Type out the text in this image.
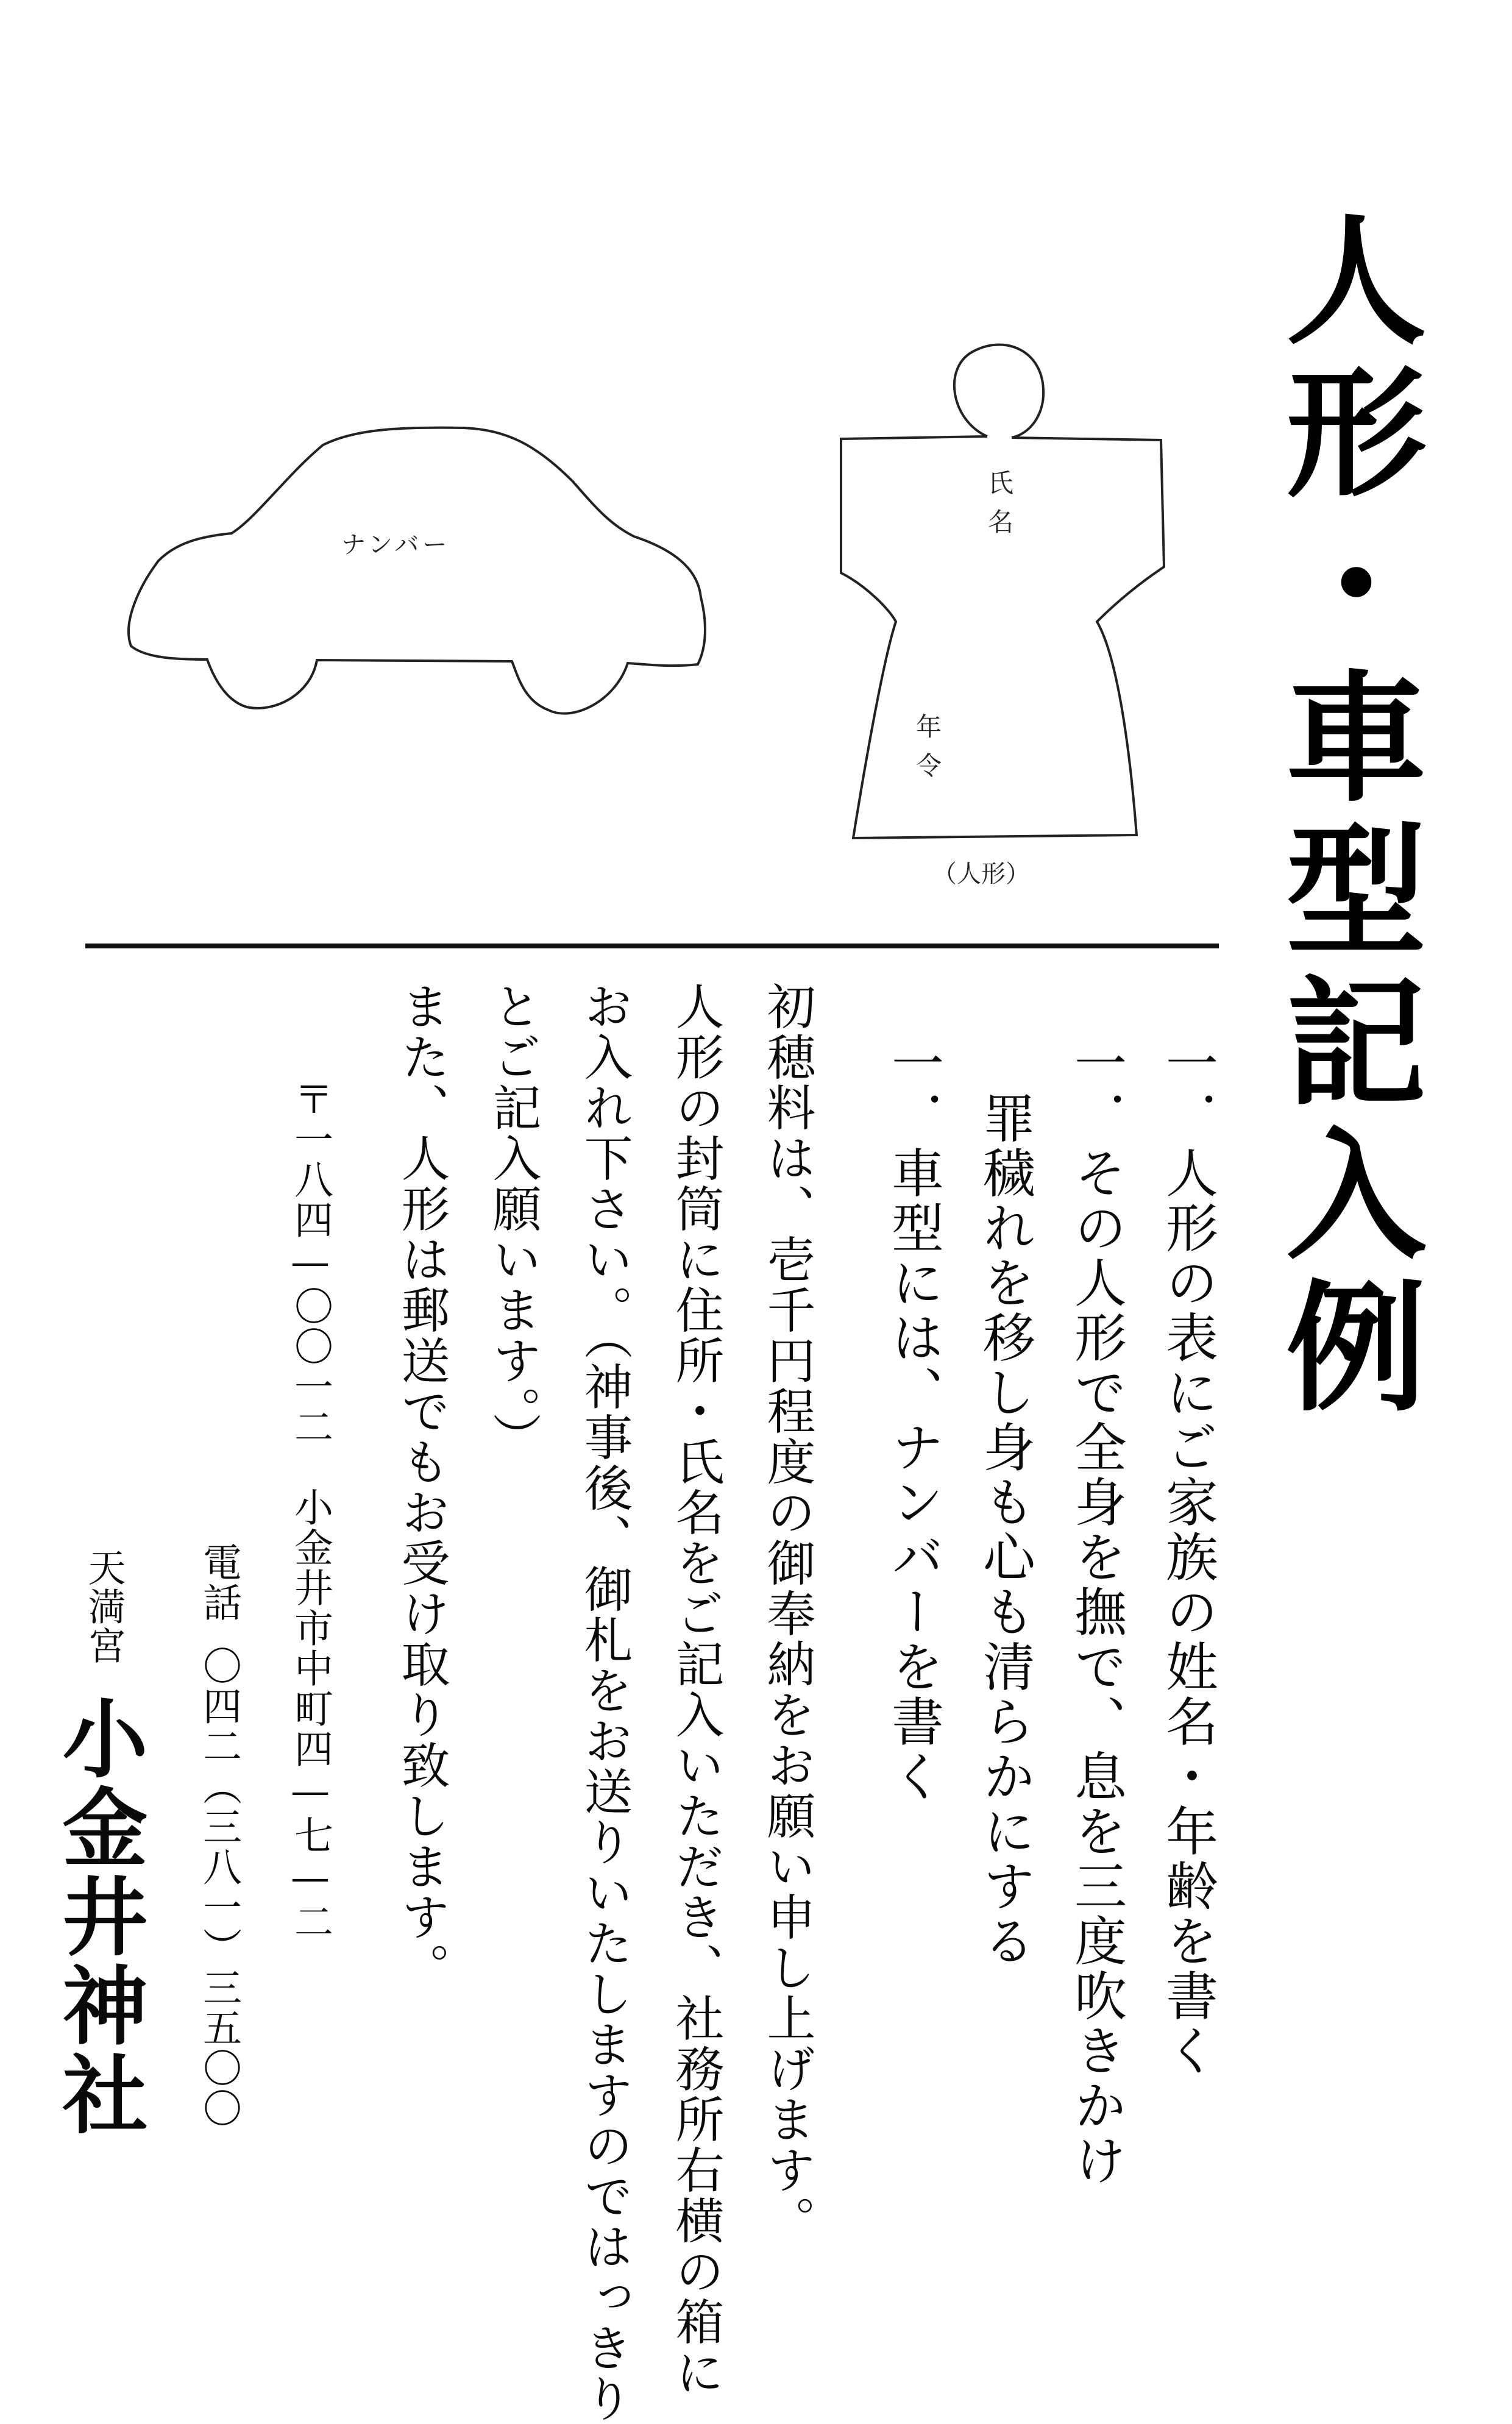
ナンバー	氏名
年令
（人形） 人形・車型記入例
一．人形の表にご家族の姓名・年齢を書く
一．その人形で全身を撫で、息を三度吹きかけ
罪穢れを移し身も心も清らかにする
一．車型には、ナンバーを書く
初穂料は、壱千円程度の御奉納をお願い申し上げます。
人形の封筒に住所・氏名をご記入いただき、社務所右横の箱に
お入れ下さい。（神事後、御札をお送りいたしますのではっきり
とご記入願います。）
また、人形は郵送でもお受け取り致します。
〒一八四—〇〇一二　小金井市中町四—七—二
電話
〇四二（三八一）三五〇〇
天満宮
小金井神社
